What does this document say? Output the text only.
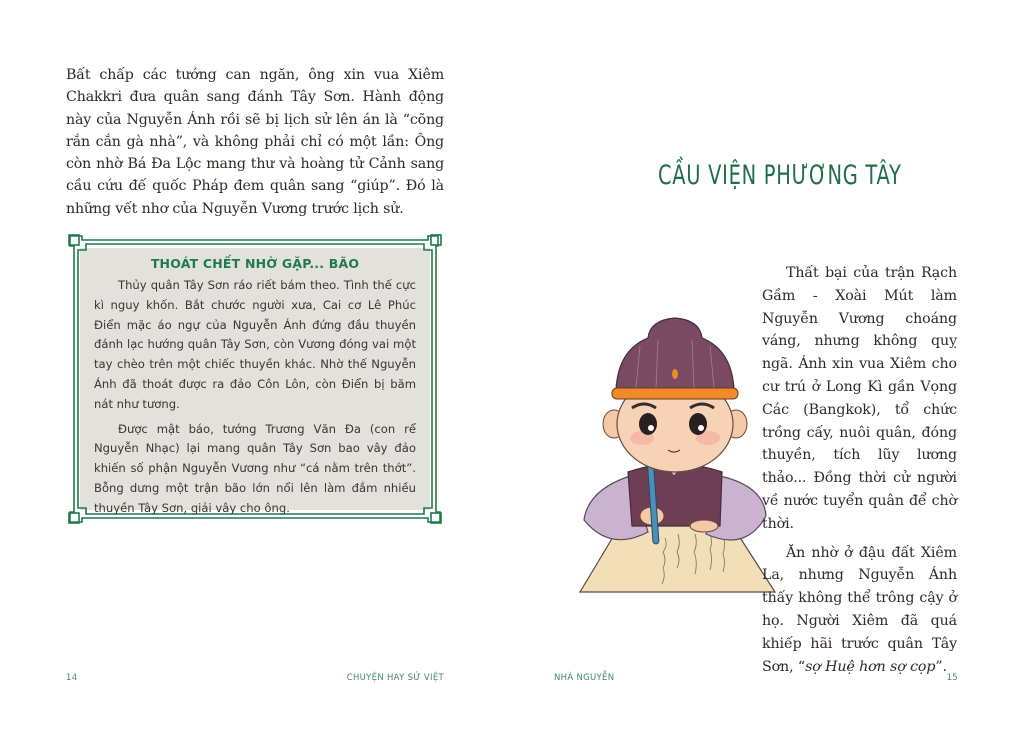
Bất chấp các tướng can ngăn, ông xin vua Xiêm Chakkri đưa quân sang đánh Tây Sơn. Hành động này của Nguyễn Ánh rồi sẽ bị lịch sử lên án là “cõng rắn cắn gà nhà”, và không phải chỉ có một lần: Ông còn nhờ Bá Đa Lộc mang thư và hoàng tử Cảnh sang cầu cứu đế quốc Pháp đem quân sang “giúp”. Đó là những vết nhơ của Nguyễn Vương trước lịch sử.

THOÁT CHẾT NHỜ GẶP... BÃO

Thủy quân Tây Sơn ráo riết bám theo. Tình thế cực kì nguy khốn. Bắt chước người xưa, Cai cơ Lê Phúc Điển mặc áo ngự của Nguyễn Ánh đứng đầu thuyền đánh lạc hướng quân Tây Sơn, còn Vương đóng vai một tay chèo trên một chiếc thuyền khác. Nhờ thế Nguyễn Ánh đã thoát được ra đảo Côn Lôn, còn Điển bị băm nát như tương.

Được mật báo, tướng Trương Văn Đa (con rể Nguyễn Nhạc) lại mang quân Tây Sơn bao vây đảo khiến số phận Nguyễn Vương như “cá nằm trên thớt”. Bỗng dưng một trận bão lớn nổi lên làm đắm nhiều thuyền Tây Sơn, giải vây cho ông.

14	CHUYỆN HAY SỬ VIỆT
CẦU VIỆN PHƯƠNG TÂY

Thất bại của trận Rạch Gầm - Xoài Mút làm Nguyễn Vương choáng váng, nhưng không quỵ ngã. Ánh xin vua Xiêm cho cư trú ở Long Kì gần Vọng Các (Bangkok), tổ chức trồng cấy, nuôi quân, đóng thuyền, tích lũy lương thảo... Đồng thời cử người về nước tuyển quân để chờ thời.

Ăn nhờ ở đậu đất Xiêm La, nhưng Nguyễn Ánh thấy không thể trông cậy ở họ. Người Xiêm đã quá khiếp hãi trước quân Tây Sơn, “sợ Huệ hơn sợ cọp”.

NHÀ NGUYỄN	15
